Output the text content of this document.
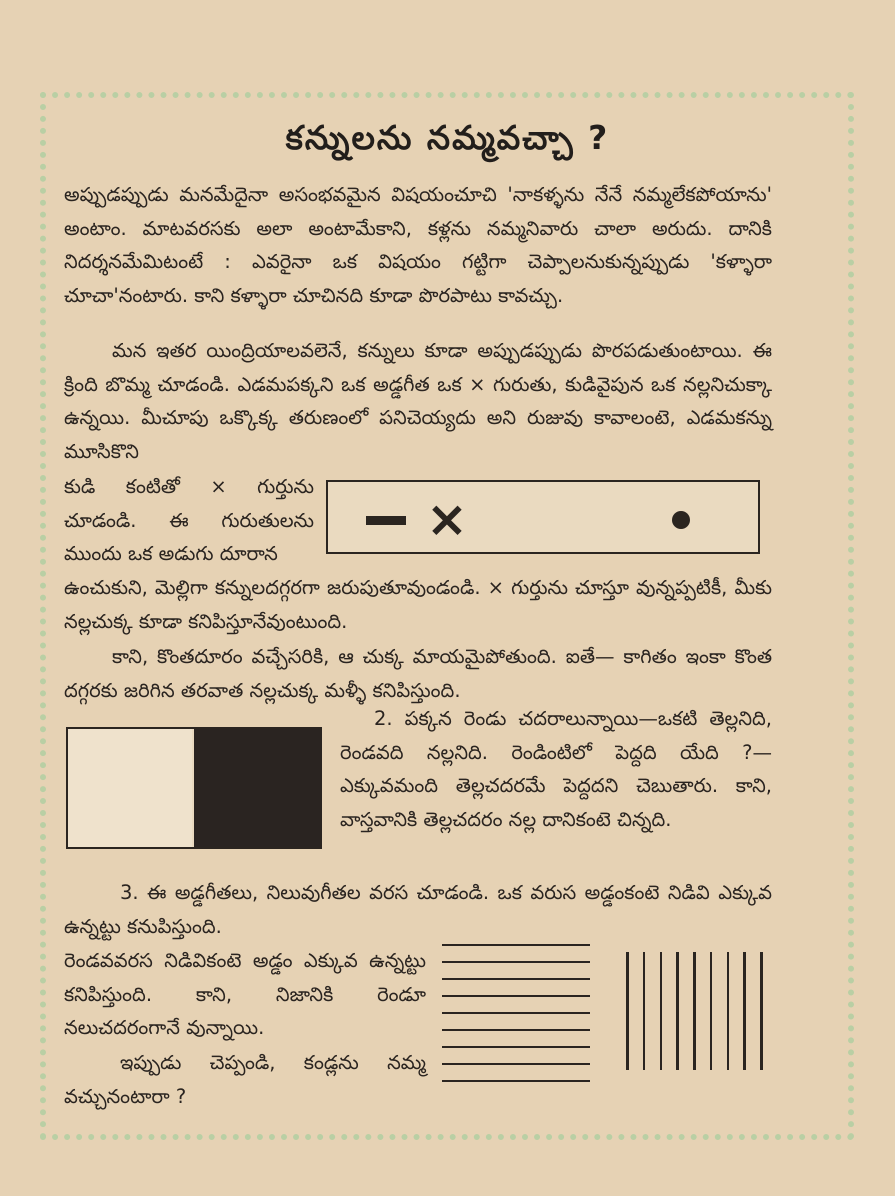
కన్నులను నమ్మవచ్చా ?

అప్పుడప్పుడు మనమేదైనా అసంభవమైన విషయంచూచి 'నాకళ్ళను నేనే నమ్మలేకపోయాను' అంటాం. మాటవరసకు అలా అంటామేకాని, కళ్లను నమ్మనివారు చాలా అరుదు. దానికి నిదర్శనమేమిటంటే : ఎవరైనా ఒక విషయం గట్టిగా చెప్పాలనుకున్నప్పుడు 'కళ్ళారా చూచా'నంటారు. కాని కళ్ళారా చూచినది కూడా పొరపాటు కావచ్చు.

మన ఇతర యింద్రియాలవలెనే, కన్నులు కూడా అప్పుడప్పుడు పొరపడుతుంటాయి. ఈ క్రింది బొమ్మ చూడండి. ఎడమపక్కని ఒక అడ్డగీత ఒక × గురుతు, కుడివైపున ఒక నల్లనిచుక్కా ఉన్నయి. మీచూపు ఒక్కొక్క తరుణంలో పనిచెయ్యదు అని రుజువు కావాలంటె, ఎడమకన్ను మూసికొని

కుడి కంటితో × గుర్తును చూడండి. ఈ గురుతులను ముందు ఒక అడుగు దూరాన

×

ఉంచుకుని, మెల్లిగా కన్నులదగ్గరగా జరుపుతూవుండండి. × గుర్తును చూస్తూ వున్నప్పటికీ, మీకు నల్లచుక్క కూడా కనిపిస్తూనేవుంటుంది.

కాని, కొంతదూరం వచ్చేసరికి, ఆ చుక్క మాయమైపోతుంది. ఐతే— కాగితం ఇంకా కొంత దగ్గరకు జరిగిన తరవాత నల్లచుక్క మళ్ళీ కనిపిస్తుంది.

2. పక్కన రెండు చదరాలున్నాయి—ఒకటి తెల్లనిది, రెండవది నల్లనిది. రెండింటిలో పెద్దది యేది ?—ఎక్కువమంది తెల్లచదరమే పెద్దదని చెబుతారు. కాని, వాస్తవానికి తెల్లచదరం నల్ల దానికంటె చిన్నది.

3. ఈ అడ్డగీతలు, నిలువుగీతల వరస చూడండి. ఒక వరుస అడ్డంకంటె నిడివి ఎక్కువ ఉన్నట్టు కనుపిస్తుంది.

రెండవవరస నిడివికంటె అడ్డం ఎక్కువ ఉన్నట్టు కనిపిస్తుంది. కాని, నిజానికి రెండూ నలుచదరంగానే వున్నాయి.

ఇప్పుడు చెప్పండి, కండ్లను నమ్మ వచ్చునంటారా ?
